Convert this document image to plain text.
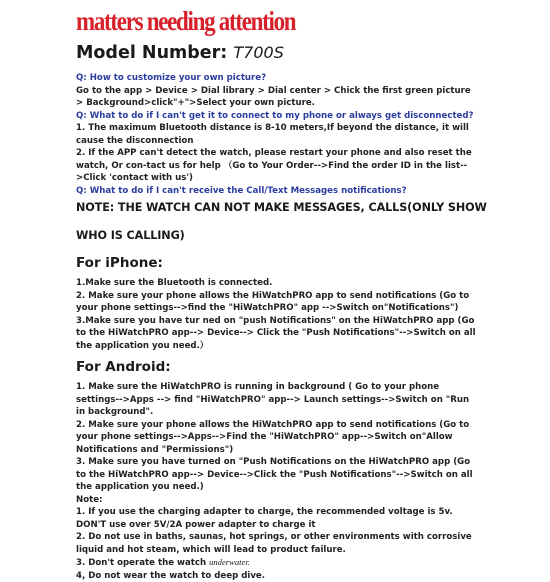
matters needing attention
Model Number: T700S

Q: How to customize your own picture?

Go to the app > Device > Dial library > Dial center > Chick the first green picture > Background>click"+">Select your own picture.

Q: What to do if I can't get it to connect to my phone or always get disconnected?

1. The maximum Bluetooth distance is 8-10 meters,If beyond the distance, it will cause the disconnection

2. If the APP can't detect the watch, please restart your phone and also reset the watch, Or con-tact us for help （Go to Your Order-->Find the order ID in the list-->Click 'contact with us')

Q: What to do if I can't receive the Call/Text Messages notifications?

NOTE: THE WATCH CAN NOT MAKE MESSAGES, CALLS(ONLY SHOW
WHO IS CALLING)
For iPhone:

1.Make sure the Bluetooth is connected.

2. Make sure your phone allows the HiWatchPRO app to send notifications (Go to your phone settings-->find the "HiWatchPRO" app -->Switch on"Notifications")

3.Make sure you have tur ned on "push Notifications" on the HiWatchPRO app (Go to the HiWatchPRO app--> Device--> Click the "Push Notifications"-->Switch on all the application you need.）

For Android:

1. Make sure the HiWatchPRO is running in background ( Go to your phone settings-->Apps --> find "HiWatchPRO" app--> Launch settings-->Switch on "Run in background".

2. Make sure your phone allows the HiWatchPRO app to send notifications (Go to your phone settings-->Apps-->Find the "HiWatchPRO" app-->Switch on"Allow Notifications and "Permissions")

3. Make sure you have turned on "Push Notifications on the HiWatchPRO app (Go to the HiWatchPRO app--> Device-->Click the "Push Notifications"-->Switch on all the application you need.)

Note:

1. If you use the charging adapter to charge, the recommended voltage is 5v. DON'T use over 5V/2A power adapter to charge it

2. Do not use in baths, saunas, hot springs, or other environments with corrosive liquid and hot steam, which will lead to product failure.

3. Don't operate the watch underwater.

4, Do not wear the watch to deep dive.
